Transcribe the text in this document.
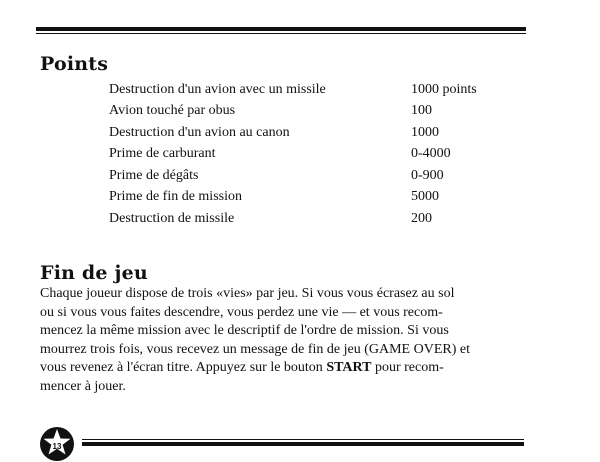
Points
Destruction d'un avion avec un missile	1000 points
Avion touché par obus	100
Destruction d'un avion au canon	1000
Prime de carburant	0-4000
Prime de dégâts	0-900
Prime de fin de mission	5000
Destruction de missile	200
Fin de jeu

Chaque joueur dispose de trois «vies» par jeu. Si vous vous écrasez au sol
ou si vous vous faites descendre, vous perdez une vie — et vous recom-
mencez la même mission avec le descriptif de l'ordre de mission. Si vous
mourrez trois fois, vous recevez un message de fin de jeu (GAME OVER) et
vous revenez à l'écran titre. Appuyez sur le bouton START pour recom-
mencer à jouer.

13
